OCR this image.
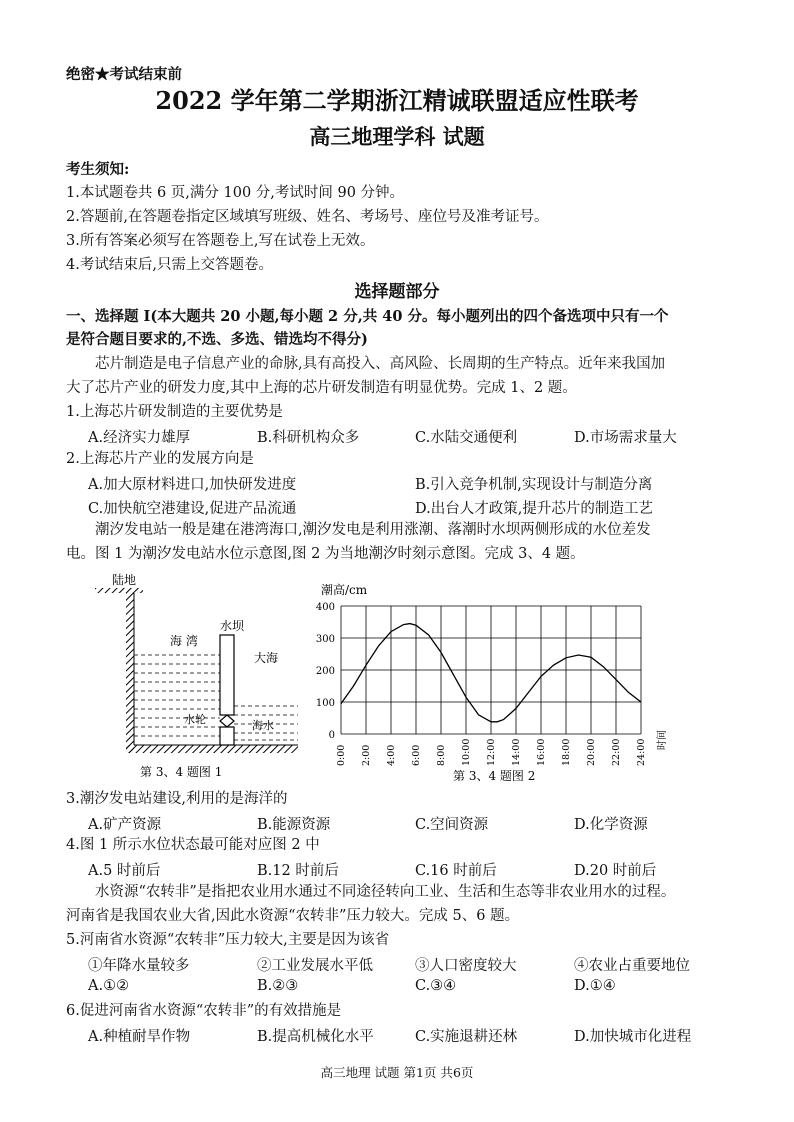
绝密★考试结束前
2022 学年第二学期浙江精诚联盟适应性联考
高三地理学科 试题
考生须知:
1.本试题卷共 6 页,满分 100 分,考试时间 90 分钟。
2.答题前,在答题卷指定区域填写班级、姓名、考场号、座位号及准考证号。
3.所有答案必须写在答题卷上,写在试卷上无效。
4.考试结束后,只需上交答题卷。
选择题部分
一、选择题 I(本大题共 20 小题,每小题 2 分,共 40 分。每小题列出的四个备选项中只有一个
是符合题目要求的,不选、多选、错选均不得分)
芯片制造是电子信息产业的命脉,具有高投入、高风险、长周期的生产特点。近年来我国加
大了芯片产业的研发力度,其中上海的芯片研发制造有明显优势。完成 1、2 题。
1.上海芯片研发制造的主要优势是
A.经济实力雄厚	B.科研机构众多	C.水陆交通便利	D.市场需求量大
2.上海芯片产业的发展方向是
A.加大原材料进口,加快研发进度	B.引入竞争机制,实现设计与制造分离
C.加快航空港建设,促进产品流通	D.出台人才政策,提升芯片的制造工艺
潮汐发电站一般是建在港湾海口,潮汐发电是利用涨潮、落潮时水坝两侧形成的水位差发
电。图 1 为潮汐发电站水位示意图,图 2 为当地潮汐时刻示意图。完成 3、4 题。
陆地
水坝
海 湾
大海
水轮	海水
第 3、4 题图 1
潮高/cm
0
100
200
300
400
0:00 2:00 4:00 6:00 8:00 10:00 12:00 14:00 16:00 18:00 20:00 22:00 24:00 时间
第 3、4 题图 2
3.潮汐发电站建设,利用的是海洋的
A.矿产资源	B.能源资源	C.空间资源	D.化学资源
4.图 1 所示水位状态最可能对应图 2 中
A.5 时前后	B.12 时前后	C.16 时前后	D.20 时前后
水资源“农转非”是指把农业用水通过不同途径转向工业、生活和生态等非农业用水的过程。
河南省是我国农业大省,因此水资源“农转非”压力较大。完成 5、6 题。
5.河南省水资源“农转非”压力较大,主要是因为该省
①年降水量较多	②工业发展水平低	③人口密度较大	④农业占重要地位
A.①②	B.②③	C.③④	D.①④
6.促进河南省水资源“农转非”的有效措施是
A.种植耐旱作物	B.提高机械化水平	C.实施退耕还林	D.加快城市化进程
高三地理 试题 第1页 共6页
